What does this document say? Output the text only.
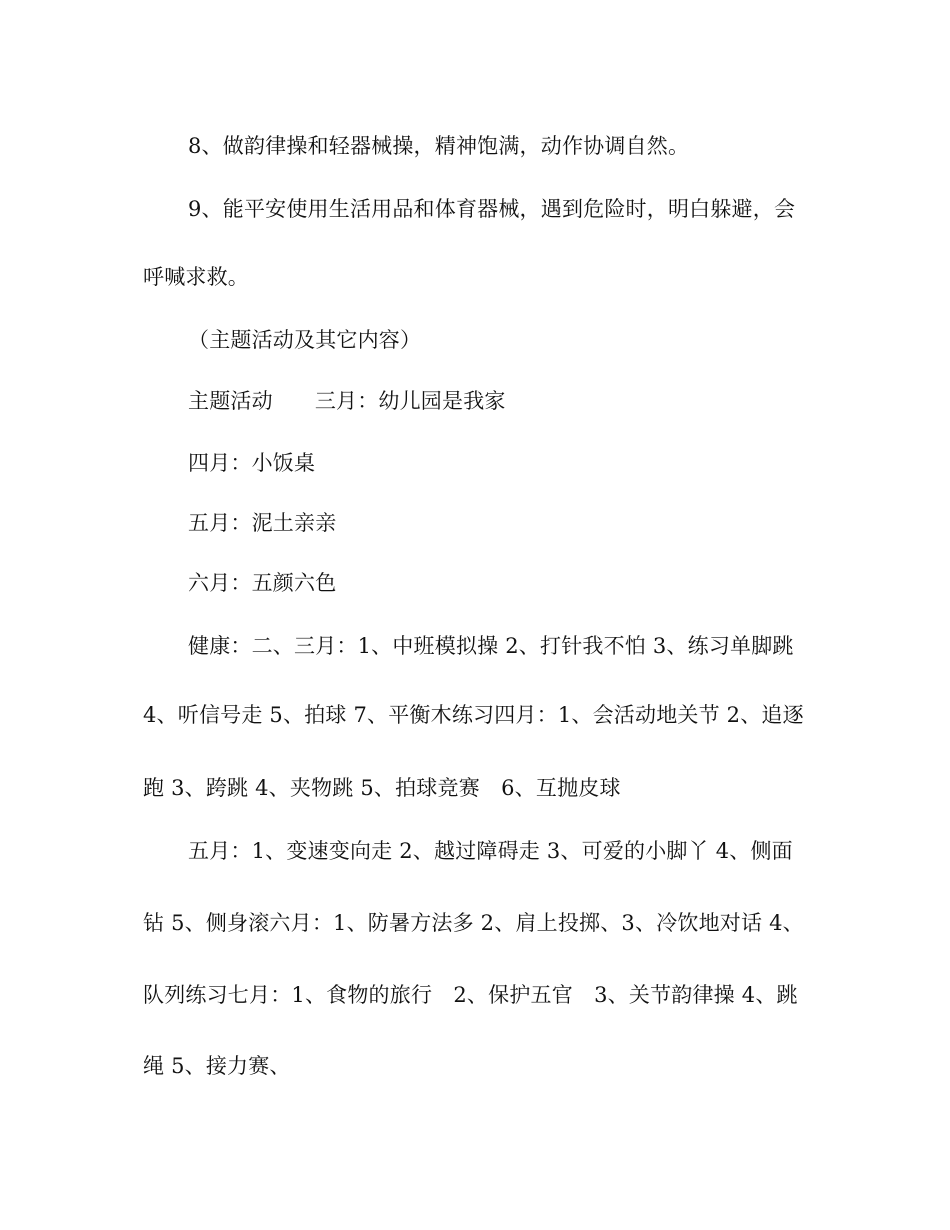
8、做韵律操和轻器械操，精神饱满，动作协调自然。
9、能平安使用生活用品和体育器械，遇到危险时，明白躲避，会
呼喊求救。
（主题活动及其它内容）
主题活动 三月：幼儿园是我家
四月：小饭桌
五月：泥土亲亲
六月：五颜六色
健康：二、三月：1、中班模拟操 2、打针我不怕 3、练习单脚跳
4、听信号走 5、拍球 7、平衡木练习四月：1、会活动地关节 2、追逐
跑 3、跨跳 4、夹物跳 5、拍球竞赛　6、互抛皮球
五月：1、变速变向走 2、越过障碍走 3、可爱的小脚丫 4、侧面
钻 5、侧身滚六月：1、防暑方法多 2、肩上投掷、3、冷饮地对话 4、
队列练习七月：1、食物的旅行　2、保护五官　3、关节韵律操 4、跳
绳 5、接力赛、
